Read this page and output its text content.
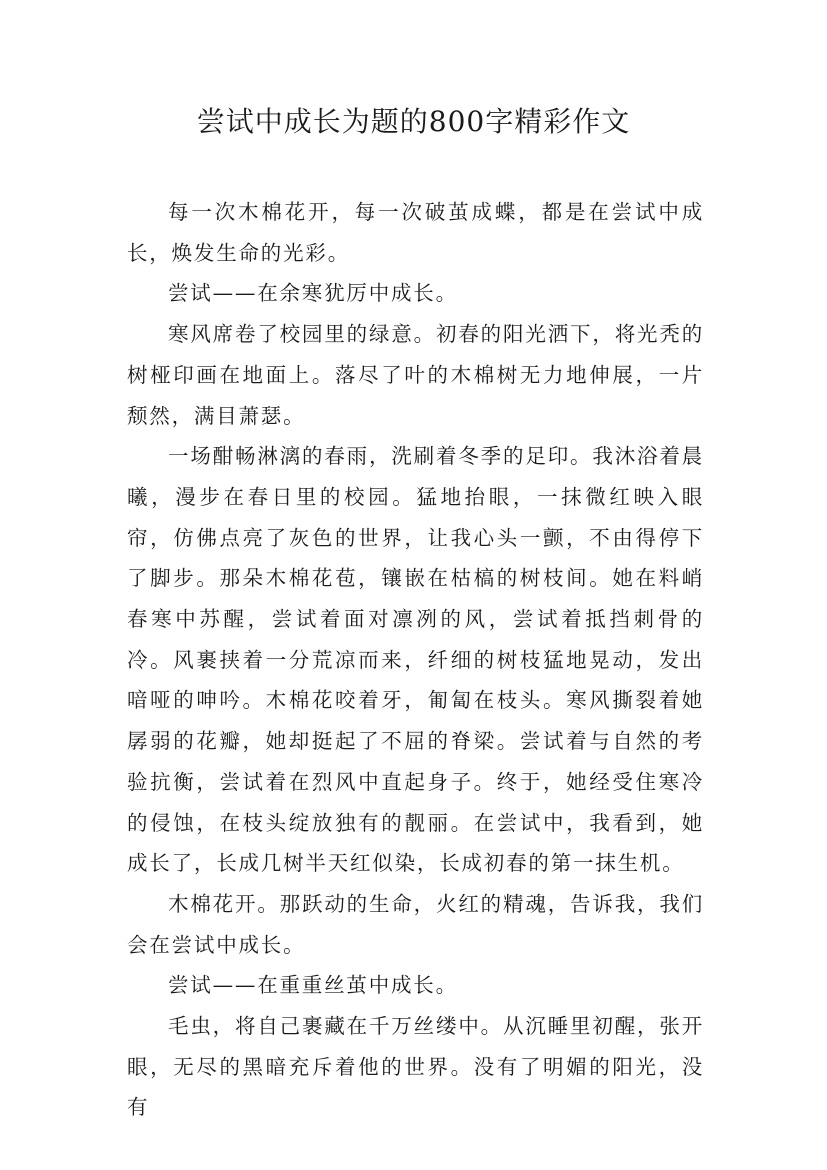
尝试中成长为题的800字精彩作文

每一次木棉花开，每一次破茧成蝶，都是在尝试中成长，焕发生命的光彩。

尝试——在余寒犹厉中成长。

寒风席卷了校园里的绿意。初春的阳光洒下，将光秃的树桠印画在地面上。落尽了叶的木棉树无力地伸展，一片颓然，满目萧瑟。

一场酣畅淋漓的春雨，洗刷着冬季的足印。我沐浴着晨曦，漫步在春日里的校园。猛地抬眼，一抹微红映入眼帘，仿佛点亮了灰色的世界，让我心头一颤，不由得停下了脚步。那朵木棉花苞，镶嵌在枯槁的树枝间。她在料峭春寒中苏醒，尝试着面对凛冽的风，尝试着抵挡刺骨的冷。风裹挟着一分荒凉而来，纤细的树枝猛地晃动，发出喑哑的呻吟。木棉花咬着牙，匍匐在枝头。寒风撕裂着她孱弱的花瓣，她却挺起了不屈的脊梁。尝试着与自然的考验抗衡，尝试着在烈风中直起身子。终于，她经受住寒冷的侵蚀，在枝头绽放独有的靓丽。在尝试中，我看到，她成长了，长成几树半天红似染，长成初春的第一抹生机。

木棉花开。那跃动的生命，火红的精魂，告诉我，我们会在尝试中成长。

尝试——在重重丝茧中成长。

毛虫，将自己裹藏在千万丝缕中。从沉睡里初醒，张开眼，无尽的黑暗充斥着他的世界。没有了明媚的阳光，没有
